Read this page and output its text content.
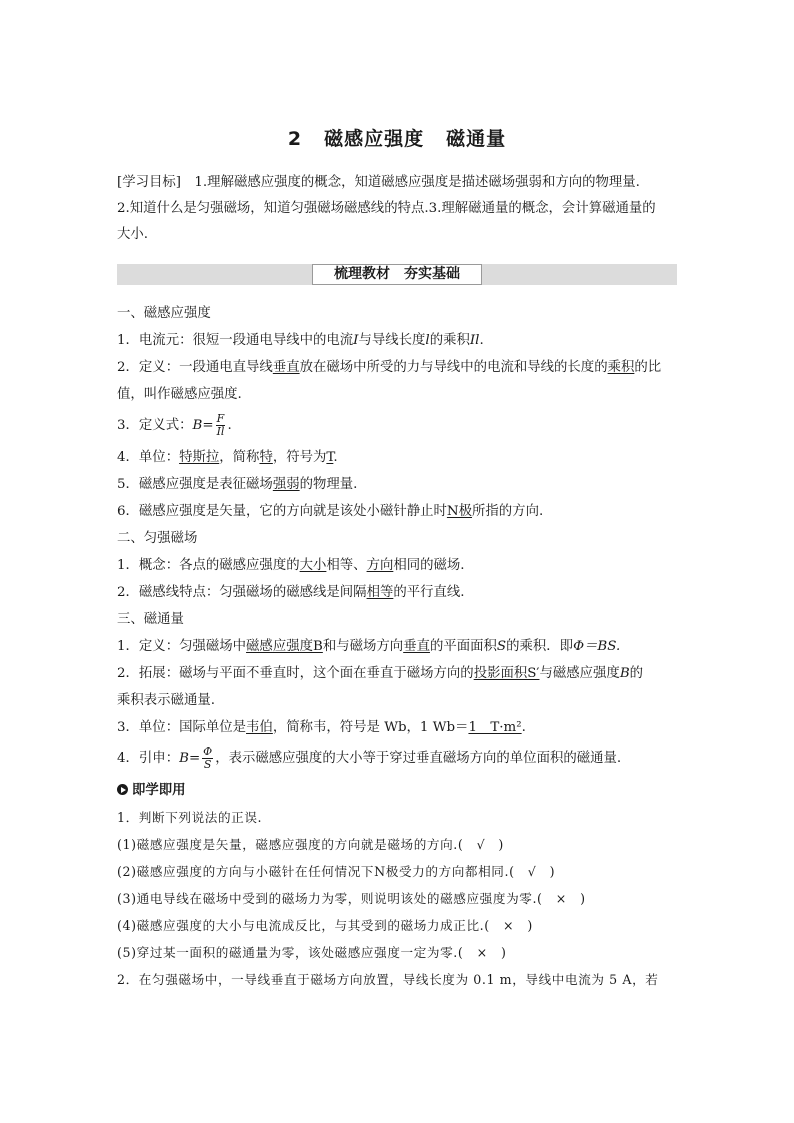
2 磁感应强度 磁通量
[学习目标]　1.理解磁感应强度的概念，知道磁感应强度是描述磁场强弱和方向的物理量.
2.知道什么是匀强磁场，知道匀强磁场磁感线的特点.3.理解磁通量的概念，会计算磁通量的
大小.
梳理教材　夯实基础
一、磁感应强度
1．电流元：很短一段通电导线中的电流I与导线长度l的乘积Il.
2．定义：一段通电直导线垂直放在磁场中所受的力与导线中的电流和导线的长度的乘积的比
值，叫作磁感应强度.
3．定义式：$B= \frac{F}{Il}$ .
4．单位：特斯拉，简称特，符号为T.
5．磁感应强度是表征磁场强弱的物理量.
6．磁感应强度是矢量，它的方向就是该处小磁针静止时N极所指的方向.
二、匀强磁场
1．概念：各点的磁感应强度的大小相等、方向相同的磁场.
2．磁感线特点：匀强磁场的磁感线是间隔相等的平行直线.
三、磁通量
1．定义：匀强磁场中磁感应强度B和与磁场方向垂直的平面面积S的乘积．即Φ＝BS.
2．拓展：磁场与平面不垂直时，这个面在垂直于磁场方向的投影面积S′与磁感应强度B的
乘积表示磁通量.
3．单位：国际单位是韦伯，简称韦，符号是 Wb，1 Wb＝1　T·m².
4．引申：$B= \frac{\Phi}{S}$ ，表示磁感应强度的大小等于穿过垂直磁场方向的单位面积的磁通量.
即学即用
1．判断下列说法的正误.
(1)磁感应强度是矢量，磁感应强度的方向就是磁场的方向.(　√　)
(2)磁感应强度的方向与小磁针在任何情况下N极受力的方向都相同.(　√　)
(3)通电导线在磁场中受到的磁场力为零，则说明该处的磁感应强度为零.(　×　)
(4)磁感应强度的大小与电流成反比，与其受到的磁场力成正比.(　×　)
(5)穿过某一面积的磁通量为零，该处磁感应强度一定为零.(　×　)
2．在匀强磁场中，一导线垂直于磁场方向放置，导线长度为 0.1 m，导线中电流为 5 A，若
